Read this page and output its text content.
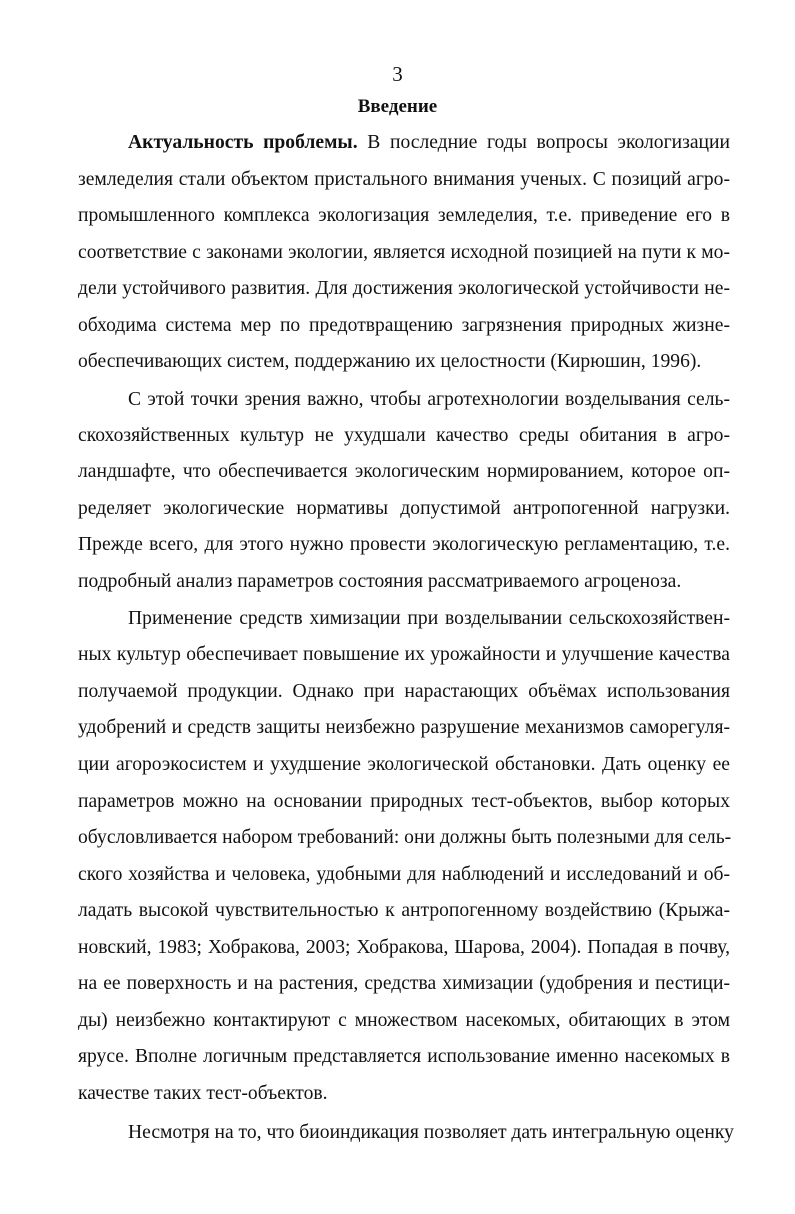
3
Введение
Актуальность проблемы. В последние годы вопросы экологизации
земледелия стали объектом пристального внимания ученых. С позиций агро-
промышленного комплекса экологизация земледелия, т.е. приведение его в
соответствие с законами экологии, является исходной позицией на пути к мо-
дели устойчивого развития. Для достижения экологической устойчивости не-
обходима система мер по предотвращению загрязнения природных жизне-
обеспечивающих систем, поддержанию их целостности (Кирюшин, 1996).
С этой точки зрения важно, чтобы агротехнологии возделывания сель-
скохозяйственных культур не ухудшали качество среды обитания в агро-
ландшафте, что обеспечивается экологическим нормированием, которое оп-
ределяет экологические нормативы допустимой антропогенной нагрузки.
Прежде всего, для этого нужно провести экологическую регламентацию, т.е.
подробный анализ параметров состояния рассматриваемого агроценоза.
Применение средств химизации при возделывании сельскохозяйствен-
ных культур обеспечивает повышение их урожайности и улучшение качества
получаемой продукции. Однако при нарастающих объёмах использования
удобрений и средств защиты неизбежно разрушение механизмов саморегуля-
ции агороэкосистем и ухудшение экологической обстановки. Дать оценку ее
параметров можно на основании природных тест-объектов, выбор которых
обусловливается набором требований: они должны быть полезными для сель-
ского хозяйства и человека, удобными для наблюдений и исследований и об-
ладать высокой чувствительностью к антропогенному воздействию (Крыжа-
новский, 1983; Хобракова, 2003; Хобракова, Шарова, 2004). Попадая в почву,
на ее поверхность и на растения, средства химизации (удобрения и пестици-
ды) неизбежно контактируют с множеством насекомых, обитающих в этом
ярусе. Вполне логичным представляется использование именно насекомых в
качестве таких тест-объектов.
Несмотря на то, что биоиндикация позволяет дать интегральную оценку
